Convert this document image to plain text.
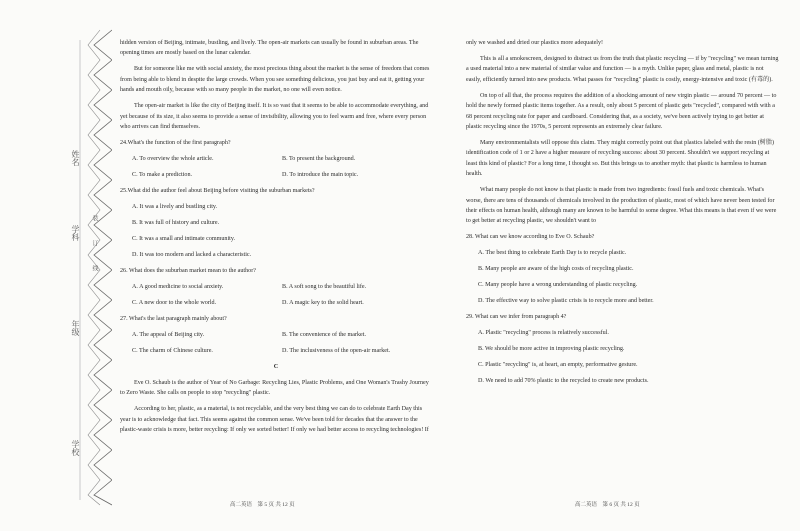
姓名
学科
年级
学校
装
订
线

hidden version of Beijing, intimate, bustling, and lively. The open-air markets can usually be found in suburban areas. The opening times are mostly based on the lunar calendar.

But for someone like me with social anxiety, the most precious thing about the market is the sense of freedom that comes from being able to blend in despite the large crowds. When you see something delicious, you just buy and eat it, getting your hands and mouth oily, because with so many people in the market, no one will even notice.

The open-air market is like the city of Beijing itself. It is so vast that it seems to be able to accommodate everything, and yet because of its size, it also seems to provide a sense of invisibility, allowing you to feel warm and free, where every person who arrives can find themselves.

24.What's the function of the first paragraph?

A. To overview the whole article.	B. To present the background.
C. To make a prediction.	D. To introduce the main topic.

25.What did the author feel about Beijing before visiting the suburban markets?

A. It was a lively and bustling city.

B. It was full of history and culture.

C. It was a small and intimate community.

D. It was too modern and lacked a characteristic.

26. What does the suburban market mean to the author?

A. A good medicine to social anxiety.	B. A soft song to the beautiful life.
C. A new door to the whole world.	D. A magic key to the solid heart.

27. What's the last paragraph mainly about?

A. The appeal of Beijing city.	B. The convenience of the market.
C. The charm of Chinese culture.	D. The inclusiveness of the open-air market.

C

Eve O. Schaub is the author of Year of No Garbage: Recycling Lies, Plastic Problems, and One Woman's Trashy Journey to Zero Waste. She calls on people to stop "recycling" plastic.

According to her, plastic, as a material, is not recyclable, and the very best thing we can do to celebrate Earth Day this year is to acknowledge that fact. This seems against the common sense. We've been told for decades that the answer to the plastic-waste crisis is more, better recycling: If only we sorted better! If only we had better access to recycling technologies! If

only we washed and dried our plastics more adequately!

This is all a smokescreen, designed to distract us from the truth that plastic recycling — if by "recycling" we mean turning a used material into a new material of similar value and function — is a myth. Unlike paper, glass and metal, plastic is not easily, efficiently turned into new products. What passes for "recycling" plastic is costly, energy-intensive and toxic (有毒的).

On top of all that, the process requires the addition of a shocking amount of new virgin plastic — around 70 percent — to hold the newly formed plastic items together. As a result, only about 5 percent of plastic gets "recycled", compared with with a 68 percent recycling rate for paper and cardboard. Considering that, as a society, we've been actively trying to get better at plastic recycling since the 1970s, 5 percent represents an extremely clear failure.

Many environmentalists will oppose this claim. They might correctly point out that plastics labeled with the resin (树脂) identification code of 1 or 2 have a higher measure of recycling success: about 30 percent. Shouldn't we support recycling at least this kind of plastic? For a long time, I thought so. But this brings us to another myth: that plastic is harmless to human health.

What many people do not know is that plastic is made from two ingredients: fossil fuels and toxic chemicals. What's worse, there are tens of thousands of chemicals involved in the production of plastic, most of which have never been tested for their effects on human health, although many are known to be harmful to some degree. What this means is that even if we were to get better at recycling plastic, we shouldn't want to

28. What can we know according to Eve O. Schaub?

A. The best thing to celebrate Earth Day is to recycle plastic.

B. Many people are aware of the high costs of recycling plastic.

C. Many people have a wrong understanding of plastic recycling.

D. The effective way to solve plastic crisis is to recycle more and better.

29. What can we infer from paragraph 4?

A. Plastic "recycling" process is relatively successful.

B. We should be more active in improving plastic recycling.

C. Plastic "recycling" is, at heart, an empty, performative gesture.

D. We need to add 70% plastic to the recycled to create new products.

高二英语　第 5 页 共 12 页	高二英语　第 6 页 共 12 页
